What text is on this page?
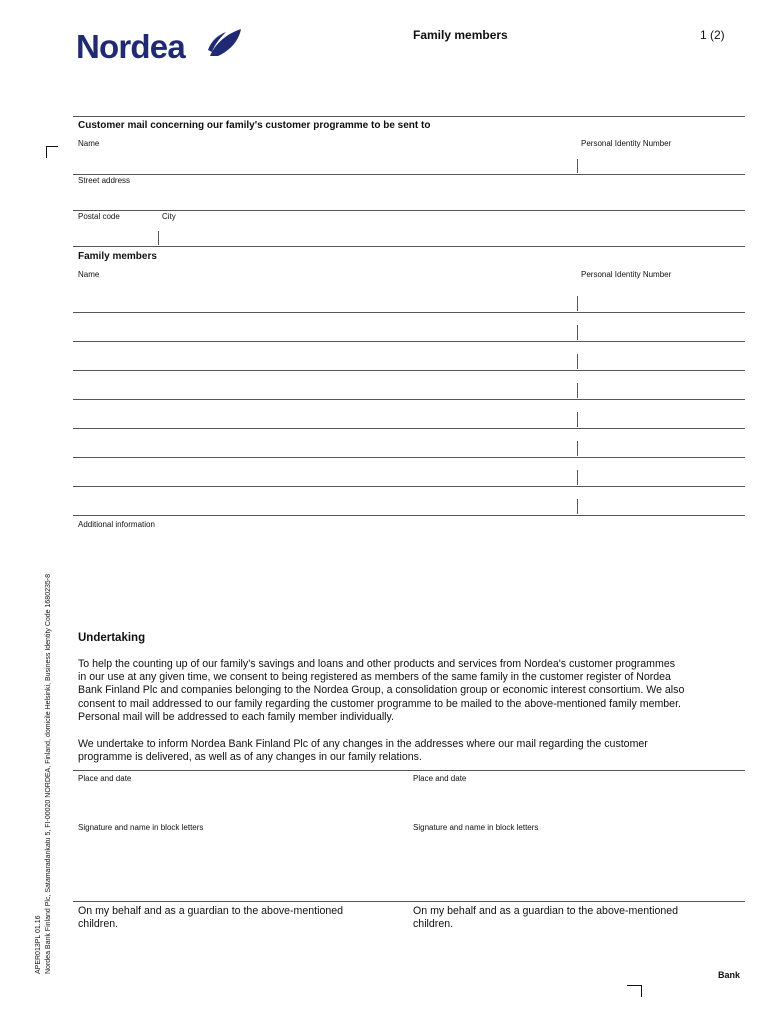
Nordea	Family members	1 (2)
Customer mail concerning our family's customer programme to be sent to
Name	Personal Identity Number
Street address
Postal code	City
Family members
Name	Personal Identity Number
Additional information
Undertaking
To help the counting up of our family's savings and loans and other products and services from Nordea's customer programmes
in our use at any given time, we consent to being registered as members of the same family in the customer register of Nordea
Bank Finland Plc and companies belonging to the Nordea Group, a consolidation group or economic interest consortium. We also
consent to mail addressed to our family regarding the customer programme to be mailed to the above-mentioned family member.
Personal mail will be addressed to each family member individually.
We undertake to inform Nordea Bank Finland Plc of any changes in the addresses where our mail regarding the customer
programme is delivered, as well as of any changes in our family relations.
Place and date	Place and date
Signature and name in block letters	Signature and name in block letters
On my behalf and as a guardian to the above-mentioned
children.
On my behalf and as a guardian to the above-mentioned
children.
Bank
APER013PL 01.16 Nordea Bank Finland Plc, Satamaradankatu 5, FI-00020 NORDEA, Finland, domicile Helsinki, Business Identity Code 1680235-8
